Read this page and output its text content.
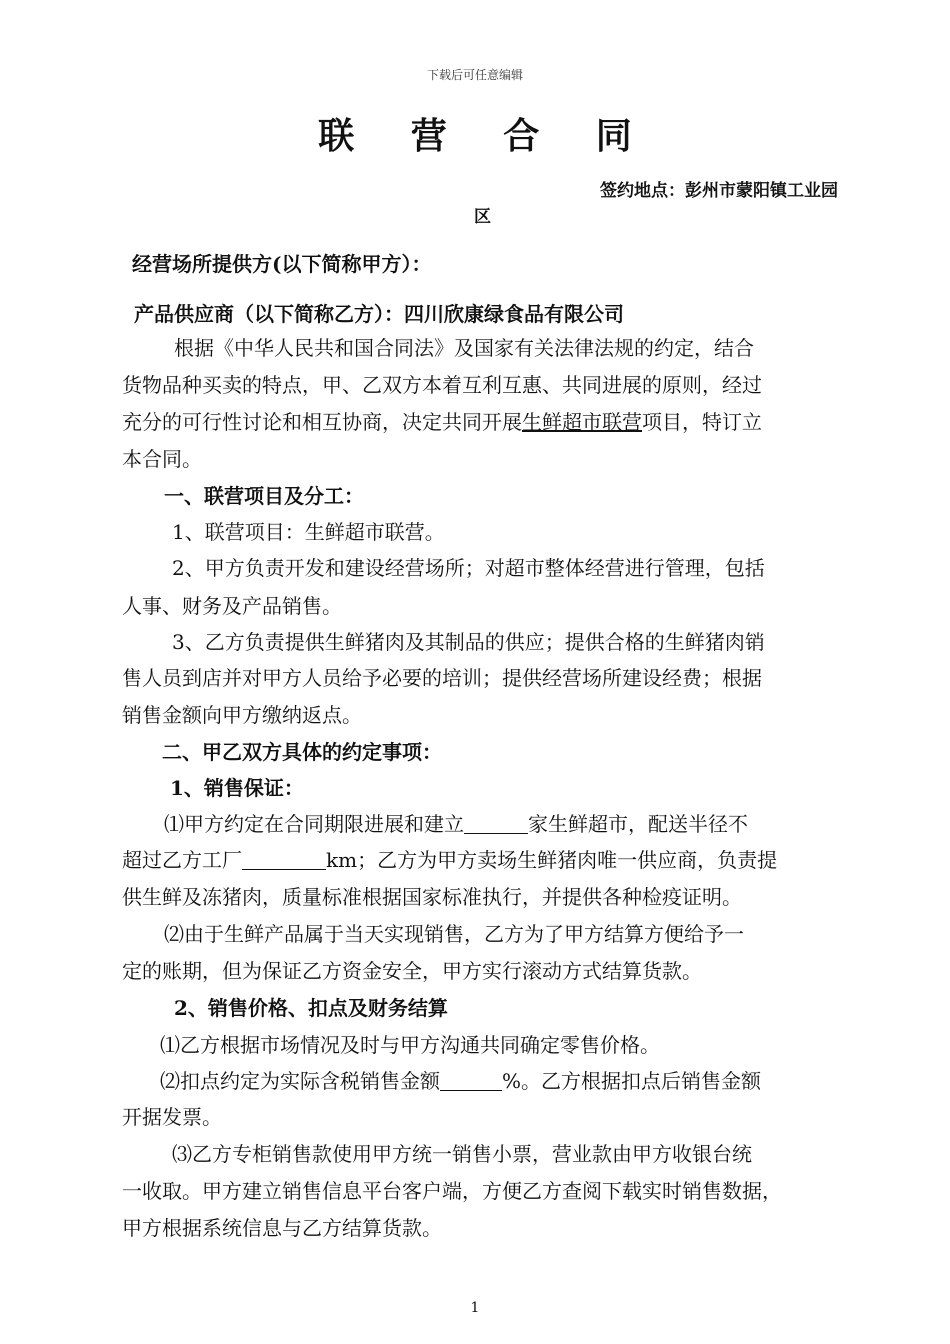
下载后可任意编辑
联 营 合 同
签约地点：彭州市蒙阳镇工业园
区
经营场所提供方(以下简称甲方）：
产品供应商（以下简称乙方）：四川欣康绿食品有限公司
根据《中华人民共和国合同法》及国家有关法律法规的约定，结合
货物品种买卖的特点，甲、乙双方本着互利互惠、共同进展的原则，经过
充分的可行性讨论和相互协商，决定共同开展生鲜超市联营项目，特订立
本合同。
一、联营项目及分工：
1、联营项目：生鲜超市联营。
2、甲方负责开发和建设经营场所；对超市整体经营进行管理，包括
人事、财务及产品销售。
3、乙方负责提供生鲜猪肉及其制品的供应；提供合格的生鲜猪肉销
售人员到店并对甲方人员给予必要的培训；提供经营场所建设经费；根据
销售金额向甲方缴纳返点。
二、甲乙双方具体的约定事项：
1、销售保证：
⑴甲方约定在合同期限进展和建立	家生鲜超市，配送半径不
超过乙方工厂	km；乙方为甲方卖场生鲜猪肉唯一供应商，负责提
供生鲜及冻猪肉，质量标准根据国家标准执行，并提供各种检疫证明。
⑵由于生鲜产品属于当天实现销售，乙方为了甲方结算方便给予一
定的账期，但为保证乙方资金安全，甲方实行滚动方式结算货款。
2、销售价格、扣点及财务结算
⑴乙方根据市场情况及时与甲方沟通共同确定零售价格。
⑵扣点约定为实际含税销售金额	%。乙方根据扣点后销售金额
开据发票。
⑶乙方专柜销售款使用甲方统一销售小票，营业款由甲方收银台统
一收取。甲方建立销售信息平台客户端，方便乙方查阅下载实时销售数据，
甲方根据系统信息与乙方结算货款。
1
